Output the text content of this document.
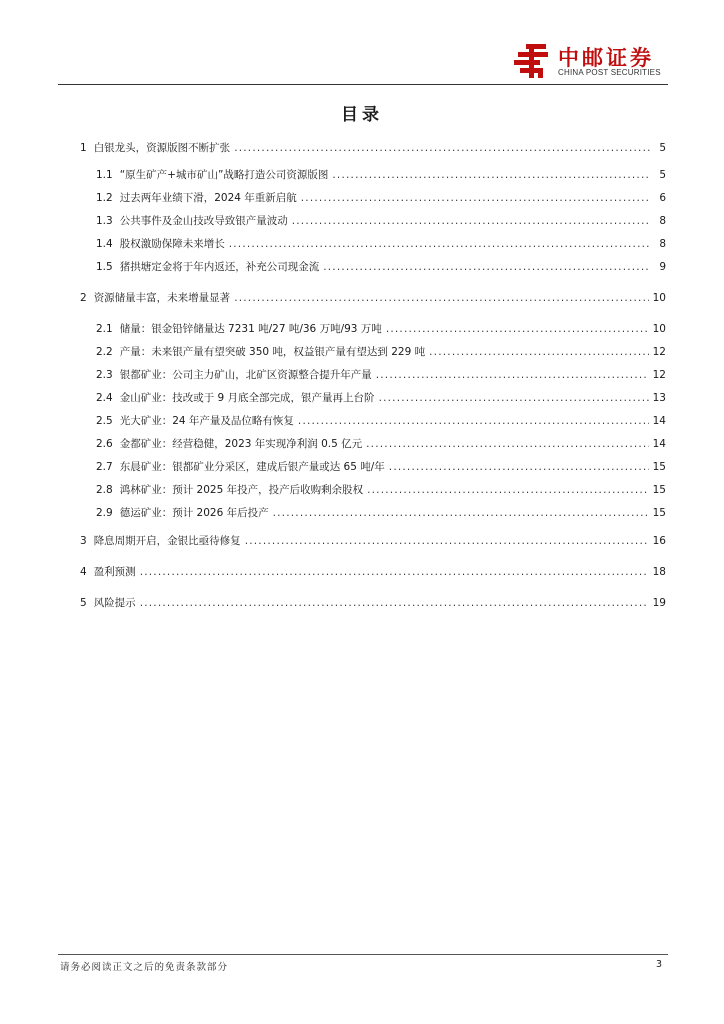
中邮证券
CHINA POST SECURITIES
目录
1 白银龙头，资源版图不断扩张 .....	5
1.1 “原生矿产+城市矿山”战略打造公司资源版图 .....	5
1.2 过去两年业绩下滑，2024 年重新启航 .....	6
1.3 公共事件及金山技改导致银产量波动 .....	8
1.4 股权激励保障未来增长 .....	8
1.5 猪拱塘定金将于年内返还，补充公司现金流 .....	9
2 资源储量丰富，未来增量显著 .....	10
2.1 储量：银金铅锌储量达 7231 吨/27 吨/36 万吨/93 万吨 .....	10
2.2 产量：未来银产量有望突破 350 吨，权益银产量有望达到 229 吨 .....	12
2.3 银都矿业：公司主力矿山，北矿区资源整合提升年产量 .....	12
2.4 金山矿业：技改或于 9 月底全部完成，银产量再上台阶 .....	13
2.5 光大矿业：24 年产量及品位略有恢复 .....	14
2.6 金都矿业：经营稳健，2023 年实现净利润 0.5 亿元 .....	14
2.7 东晨矿业：银都矿业分采区，建成后银产量或达 65 吨/年 .....	15
2.8 鸿林矿业：预计 2025 年投产，投产后收购剩余股权 .....	15
2.9 德运矿业：预计 2026 年后投产 .....	15
3 降息周期开启，金银比亟待修复 .....	16
4 盈利预测 .....	18
5 风险提示 .....	19
请务必阅读正文之后的免责条款部分	3
